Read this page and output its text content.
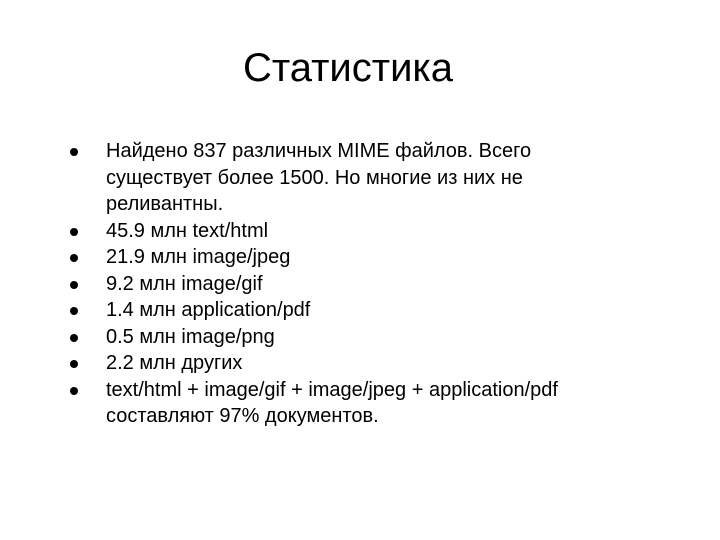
Статистика
Найдено 837 различных MIME файлов. Всего существует более 1500. Но многие из них не реливантны.
45.9 млн text/html
21.9 млн image/jpeg
9.2 млн image/gif
1.4 млн application/pdf
0.5 млн image/png
2.2 млн других
text/html + image/gif + image/jpeg + application/pdf составляют 97% документов.
